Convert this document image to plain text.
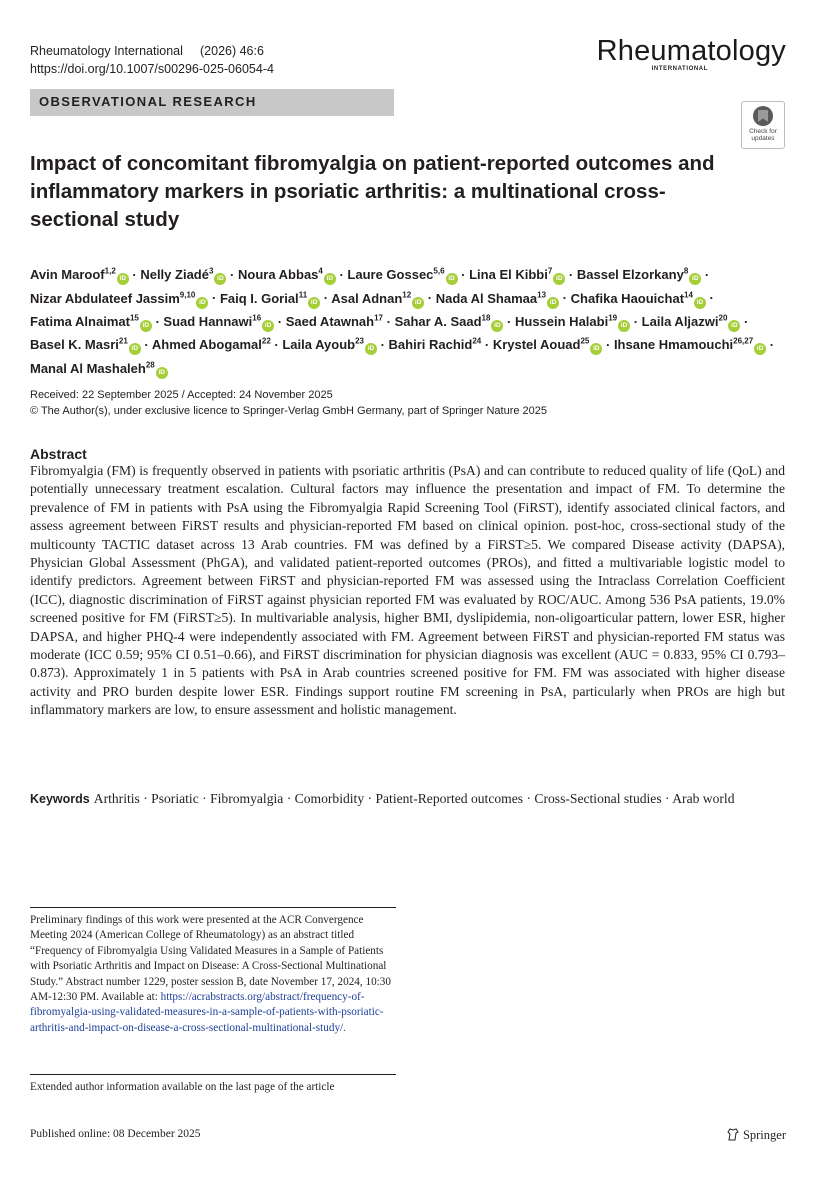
Rheumatology International (2026) 46:6
https://doi.org/10.1007/s00296-025-06054-4
Rheumatology
INTERNATIONAL
OBSERVATIONAL RESEARCH
Check for
updates
Impact of concomitant fibromyalgia on patient-reported outcomes and inflammatory markers in psoriatic arthritis: a multinational cross-sectional study
Avin Maroof$^{1,2}$iD · Nelly Ziadé$^3$iD · Noura Abbas$^4$iD · Laure Gossec$^{5,6}$iD · Lina El Kibbi$^7$iD · Bassel Elzorkany$^8$iD · Nizar Abdulateef Jassim$^{9,10}$iD · Faiq I. Gorial$^{11}$iD · Asal Adnan$^{12}$iD · Nada Al Shamaa$^{13}$iD · Chafika Haouichat$^{14}$iD · Fatima Alnaimat$^{15}$iD · Suad Hannawi$^{16}$iD · Saed Atawnah$^{17}$ · Sahar A. Saad$^{18}$iD · Hussein Halabi$^{19}$iD · Laila Aljazwi$^{20}$iD · Basel K. Masri$^{21}$iD · Ahmed Abogamal$^{22}$ · Laila Ayoub$^{23}$iD · Bahiri Rachid$^{24}$ · Krystel Aouad$^{25}$iD · Ihsane Hmamouchi$^{26,27}$iD · Manal Al Mashaleh$^{28}$iD
Received: 22 September 2025 / Accepted: 24 November 2025
© The Author(s), under exclusive licence to Springer-Verlag GmbH Germany, part of Springer Nature 2025
Abstract
Fibromyalgia (FM) is frequently observed in patients with psoriatic arthritis (PsA) and can contribute to reduced quality of life (QoL) and potentially unnecessary treatment escalation. Cultural factors may influence the presentation and impact of FM. To determine the prevalence of FM in patients with PsA using the Fibromyalgia Rapid Screening Tool (FiRST), identify associated clinical factors, and assess agreement between FiRST results and physician-reported FM based on clinical opinion. post-hoc, cross-sectional study of the multicounty TACTIC dataset across 13 Arab countries. FM was defined by a FiRST≥5. We compared Disease activity (DAPSA), Physician Global Assessment (PhGA), and validated patient-reported outcomes (PROs), and fitted a multivariable logistic model to identify predictors. Agreement between FiRST and physician-reported FM was assessed using the Intraclass Correlation Coefficient (ICC), diagnostic discrimination of FiRST against physician reported FM was evaluated by ROC/AUC. Among 536 PsA patients, 19.0% screened positive for FM (FiRST≥5). In multivariable analysis, higher BMI, dyslipidemia, non-oligoarticular pattern, lower ESR, higher DAPSA, and higher PHQ-4 were independently associated with FM. Agreement between FiRST and physician-reported FM status was moderate (ICC 0.59; 95% CI 0.51–0.66), and FiRST discrimination for physician diagnosis was excellent (AUC = 0.833, 95% CI 0.793–0.873). Approximately 1 in 5 patients with PsA in Arab countries screened positive for FM. FM was associated with higher disease activity and PRO burden despite lower ESR. Findings support routine FM screening in PsA, particularly when PROs are high but inflammatory markers are low, to ensure assessment and holistic management.
Keywords Arthritis · Psoriatic · Fibromyalgia · Comorbidity · Patient-Reported outcomes · Cross-Sectional studies · Arab world
Preliminary findings of this work were presented at the ACR Convergence Meeting 2024 (American College of Rheumatology) as an abstract titled “Frequency of Fibromyalgia Using Validated Measures in a Sample of Patients with Psoriatic Arthritis and Impact on Disease: A Cross-Sectional Multinational Study.” Abstract number 1229, poster session B, date November 17, 2024, 10:30 AM-12:30 PM. Available at: https://acrabstracts.org/abstract/frequency-of-fibromyalgia-using-validated-measures-in-a-sample-of-patients-with-psoriatic-arthritis-and-impact-on-disease-a-cross-sectional-multinational-study/.
Extended author information available on the last page of the article
Published online: 08 December 2025	Springer
